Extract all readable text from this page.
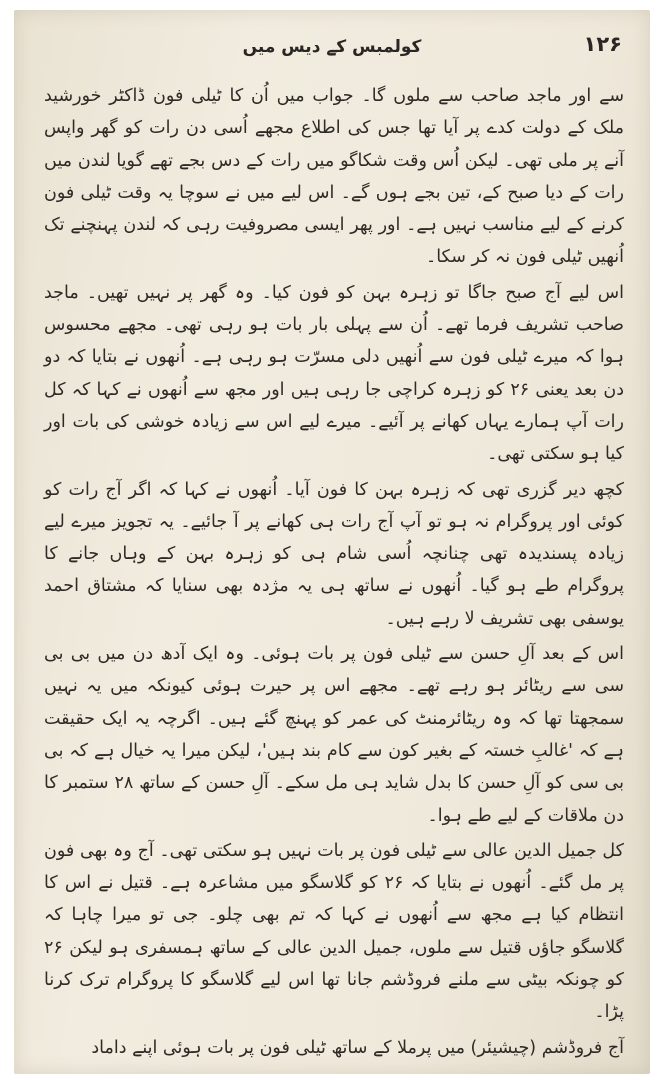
۱۲۶
کولمبس کے دیس میں

سے اور ماجد صاحب سے ملوں گا۔ جواب میں اُن کا ٹیلی فون ڈاکٹر خورشید ملک کے دولت کدے پر آیا تھا جس کی اطلاع مجھے اُسی دن رات کو گھر واپس آنے پر ملی تھی۔ لیکن اُس وقت شکاگو میں رات کے دس بجے تھے گویا لندن میں رات کے دیا صبح کے، تین بجے ہوں گے۔ اس لیے میں نے سوچا یہ وقت ٹیلی فون کرنے کے لیے مناسب نہیں ہے۔ اور پھر ایسی مصروفیت رہی کہ لندن پہنچنے تک اُنھیں ٹیلی فون نہ کر سکا۔

اس لیے آج صبح جاگا تو زہرہ بہن کو فون کیا۔ وہ گھر پر نہیں تھیں۔ ماجد صاحب تشریف فرما تھے۔ اُن سے پہلی بار بات ہو رہی تھی۔ مجھے محسوس ہوا کہ میرے ٹیلی فون سے اُنھیں دلی مسرّت ہو رہی ہے۔ اُنھوں نے بتایا کہ دو دن بعد یعنی ۲۶ کو زہرہ کراچی جا رہی ہیں اور مجھ سے اُنھوں نے کہا کہ کل رات آپ ہمارے یہاں کھانے پر آئیے۔ میرے لیے اس سے زیادہ خوشی کی بات اور کیا ہو سکتی تھی۔

کچھ دیر گزری تھی کہ زہرہ بہن کا فون آیا۔ اُنھوں نے کہا کہ اگر آج رات کو کوئی اور پروگرام نہ ہو تو آپ آج رات ہی کھانے پر آ جائیے۔ یہ تجویز میرے لیے زیادہ پسندیدہ تھی چنانچہ اُسی شام ہی کو زہرہ بہن کے وہاں جانے کا پروگرام طے ہو گیا۔ اُنھوں نے ساتھ ہی یہ مژدہ بھی سنایا کہ مشتاق احمد یوسفی بھی تشریف لا رہے ہیں۔

اس کے بعد آلِ حسن سے ٹیلی فون پر بات ہوئی۔ وہ ایک آدھ دن میں بی بی سی سے ریٹائر ہو رہے تھے۔ مجھے اس پر حیرت ہوئی کیونکہ میں یہ نہیں سمجھتا تھا کہ وہ ریٹائرمنٹ کی عمر کو پہنچ گئے ہیں۔ اگرچہ یہ ایک حقیقت ہے کہ 'غالبِ خستہ کے بغیر کون سے کام بند ہیں'، لیکن میرا یہ خیال ہے کہ بی بی سی کو آلِ حسن کا بدل شاید ہی مل سکے۔ آلِ حسن کے ساتھ ۲۸ ستمبر کا دن ملاقات کے لیے طے ہوا۔

کل جمیل الدین عالی سے ٹیلی فون پر بات نہیں ہو سکتی تھی۔ آج وہ بھی فون پر مل گئے۔ اُنھوں نے بتایا کہ ۲۶ کو گلاسگو میں مشاعرہ ہے۔ قتیل نے اس کا انتظام کیا ہے مجھ سے اُنھوں نے کہا کہ تم بھی چلو۔ جی تو میرا چاہا کہ گلاسگو جاؤں قتیل سے ملوں، جمیل الدین عالی کے ساتھ ہمسفری ہو لیکن ۲۶ کو چونکہ بیٹی سے ملنے فروڈشم جانا تھا اس لیے گلاسگو کا پروگرام ترک کرنا پڑا۔

آج فروڈشم (چیشیئر) میں پرملا کے ساتھ ٹیلی فون پر بات ہوئی اپنے داماد
